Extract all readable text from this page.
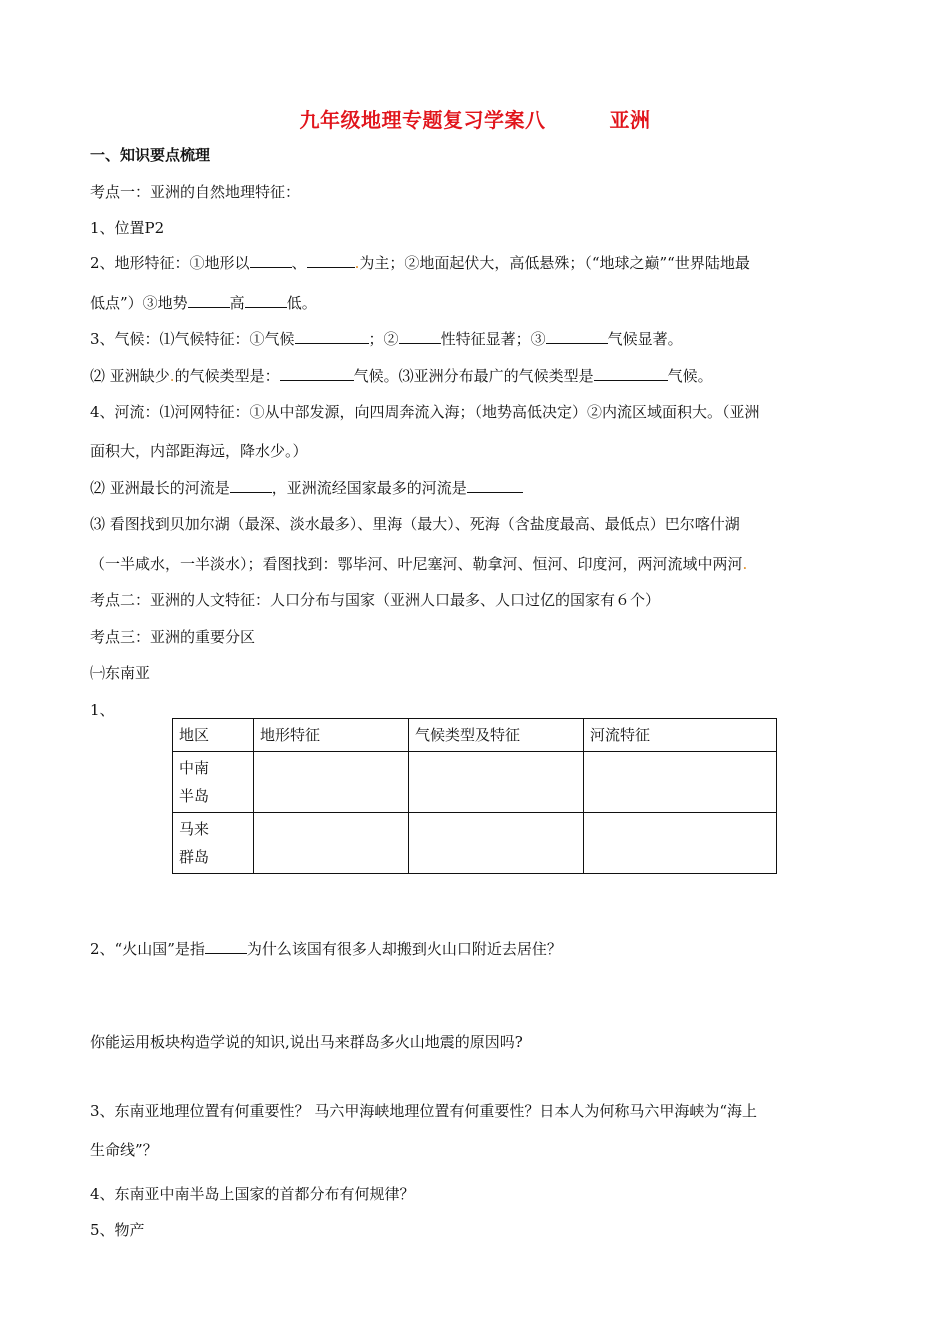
九年级地理专题复习学案八	亚洲
一、知识要点梳理
考点一：亚洲的自然地理特征：
1、位置P2
2、地形特征：①地形以	、	.为主；②地面起伏大，高低悬殊；（“地球之巅”“世界陆地最
低点”）③地势	高	低。
3、气候：⑴气候特征：①气候	；②	性特征显著；③	气候显著。
⑵ 亚洲缺少.的气候类型是：	气候。⑶亚洲分布最广的气候类型是	气候。
4、河流：⑴河网特征：①从中部发源，向四周奔流入海；（地势高低决定）②内流区域面积大。（亚洲
面积大，内部距海远，降水少。）
⑵ 亚洲最长的河流是	，亚洲流经国家最多的河流是
⑶ 看图找到贝加尔湖（最深、淡水最多）、里海（最大）、死海（含盐度最高、最低点）巴尔喀什湖
（一半咸水，一半淡水）；看图找到：鄂毕河、叶尼塞河、勒拿河、恒河、印度河，两河流域中两河.
考点二：亚洲的人文特征：人口分布与国家（亚洲人口最多、人口过亿的国家有６个）
考点三：亚洲的重要分区
㈠东南亚
1、
地区	地形特征	气候类型及特征	河流特征
中南
半岛			
马来
群岛			
2、“火山国”是指	为什么该国有很多人却搬到火山口附近去居住？
你能运用板块构造学说的知识,说出马来群岛多火山地震的原因吗?
3、东南亚地理位置有何重要性？ 马六甲海峡地理位置有何重要性？日本人为何称马六甲海峡为“海上
生命线”？
4、东南亚中南半岛上国家的首都分布有何规律？
5、物产
